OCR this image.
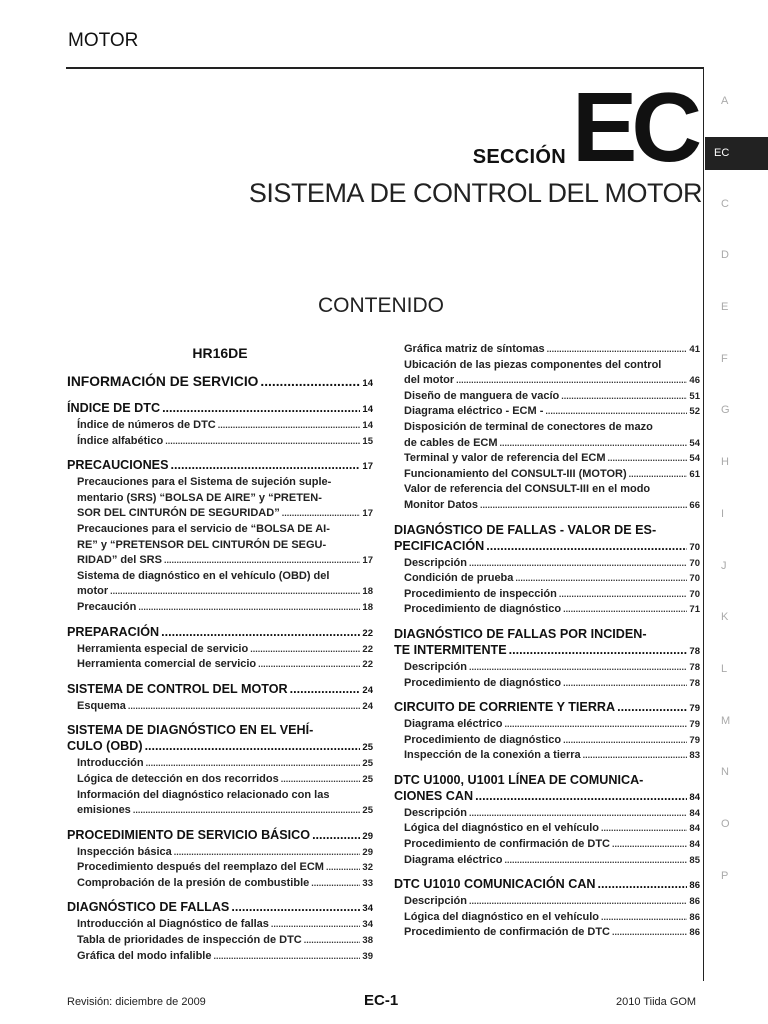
MOTOR
SECCIÓN EC
SISTEMA DE CONTROL DEL MOTOR
CONTENIDO
A
EC
C
D
E
F
G
H
I
J
K
L
M
N
O
P
HR16DE
INFORMACIÓN DE SERVICIO .....	14
ÍNDICE DE DTC .....	14
Índice de números de DTC .....	14
Índice alfabético .....	15
PRECAUCIONES .....	17
Precauciones para el Sistema de sujeción suple-
mentario (SRS) “BOLSA DE AIRE” y “PRETEN-
SOR DEL CINTURÓN DE SEGURIDAD” .....	17
Precauciones para el servicio de “BOLSA DE AI-
RE” y “PRETENSOR DEL CINTURÓN DE SEGU-
RIDAD” del SRS .....	17
Sistema de diagnóstico en el vehículo (OBD) del
motor .....	18
Precaución .....	18
PREPARACIÓN .....	22
Herramienta especial de servicio .....	22
Herramienta comercial de servicio .....	22
SISTEMA DE CONTROL DEL MOTOR .....	24
Esquema .....	24
SISTEMA DE DIAGNÓSTICO EN EL VEHÍ-
CULO (OBD) .....	25
Introducción .....	25
Lógica de detección en dos recorridos .....	25
Información del diagnóstico relacionado con las
emisiones .....	25
PROCEDIMIENTO DE SERVICIO BÁSICO .....	29
Inspección básica .....	29
Procedimiento después del reemplazo del ECM .....	32
Comprobación de la presión de combustible .....	33
DIAGNÓSTICO DE FALLAS .....	34
Introducción al Diagnóstico de fallas .....	34
Tabla de prioridades de inspección de DTC .....	38
Gráfica del modo infalible .....	39
Gráfica matriz de síntomas .....	41
Ubicación de las piezas componentes del control
del motor .....	46
Diseño de manguera de vacío .....	51
Diagrama eléctrico - ECM - .....	52
Disposición de terminal de conectores de mazo
de cables de ECM .....	54
Terminal y valor de referencia del ECM .....	54
Funcionamiento del CONSULT-III (MOTOR) .....	61
Valor de referencia del CONSULT-III en el modo
Monitor Datos .....	66
DIAGNÓSTICO DE FALLAS - VALOR DE ES-
PECIFICACIÓN .....	70
Descripción .....	70
Condición de prueba .....	70
Procedimiento de inspección .....	70
Procedimiento de diagnóstico .....	71
DIAGNÓSTICO DE FALLAS POR INCIDEN-
TE INTERMITENTE .....	78
Descripción .....	78
Procedimiento de diagnóstico .....	78
CIRCUITO DE CORRIENTE Y TIERRA .....	79
Diagrama eléctrico .....	79
Procedimiento de diagnóstico .....	79
Inspección de la conexión a tierra .....	83
DTC U1000, U1001 LÍNEA DE COMUNICA-
CIONES CAN .....	84
Descripción .....	84
Lógica del diagnóstico en el vehículo .....	84
Procedimiento de confirmación de DTC .....	84
Diagrama eléctrico .....	85
DTC U1010 COMUNICACIÓN CAN .....	86
Descripción .....	86
Lógica del diagnóstico en el vehículo .....	86
Procedimiento de confirmación de DTC .....	86
Revisión: diciembre de 2009	EC-1	2010 Tiida GOM
